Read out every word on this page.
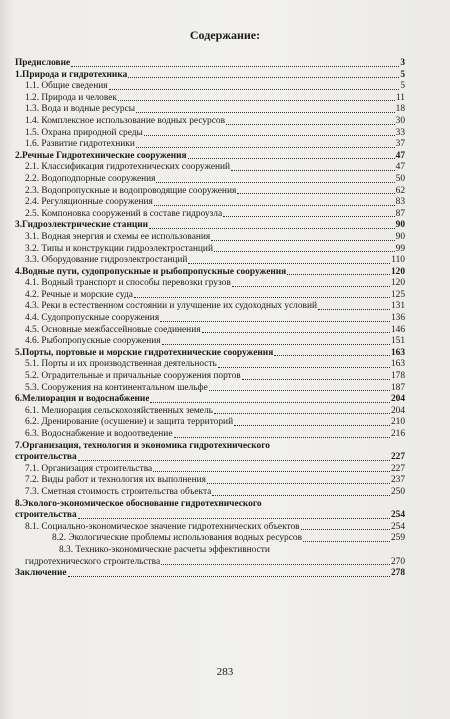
Содержание:
Предисловие	3
1.Природа и гидротехника	5
1.1. Общие сведения	5
1.2. Природа и человек	11
1.3. Вода и водные ресурсы	18
1.4. Комплексное использование водных ресурсов	30
1.5. Охрана природной среды	33
1.6. Развитие гидротехники	37
2.Речные Гидротехнические сооружения	47
2.1. Классификация гидротехнических сооружений	47
2.2. Водоподпорные сооружения	50
2.3. Водопропускные и водопроводящие сооружения	62
2.4. Регуляционные сооружения	83
2.5. Компоновка сооружений в составе гидроузла	87
3.Гидроэлектрические станции	90
3.1. Водная энергия и схемы ее использования	90
3.2. Типы и конструкции гидроэлектростанций	99
3.3. Оборудование гидроэлектростанций	110
4.Водные пути, судопропускные и рыбопропускные сооружения	120
4.1. Водный транспорт и способы перевозки грузов	120
4.2. Речные и морские суда	125
4.3. Реки в естественном состоянии и улучшение их судоходных условий	131
4.4. Судопропускные сооружения	136
4.5. Основные межбассейновые соединения	146
4.6. Рыбопропускные сооружения	151
5.Порты, портовые и морские гидротехнические сооружения	163
5.1. Порты и их производственная деятельность	163
5.2. Оградительные и причальные сооружения портов	178
5.3. Сооружения на континентальном шельфе	187
6.Мелиорация и водоснабжение	204
6.1. Мелиорация сельскохозяйственных земель	204
6.2. Дренирование (осушение) и защита территорий	210
6.3. Водоснабжение и водоотведение	216
7.Организация, технология и экономика гидротехнического
строительства	227
7.1. Организация строительства	227
7.2. Виды работ и технология их выполнения	237
7.3. Сметная стоимость строительства объекта	250
8.Эколого-экономическое обоснование гидротехнического
строительства	254
8.1. Социально-экономическое значение гидротехнических объектов	254
8.2. Экологические проблемы использования водных ресурсов	259
8.3. Технико-экономические расчеты эффективности
гидротехнического строительства	270
Заключение	278
283
